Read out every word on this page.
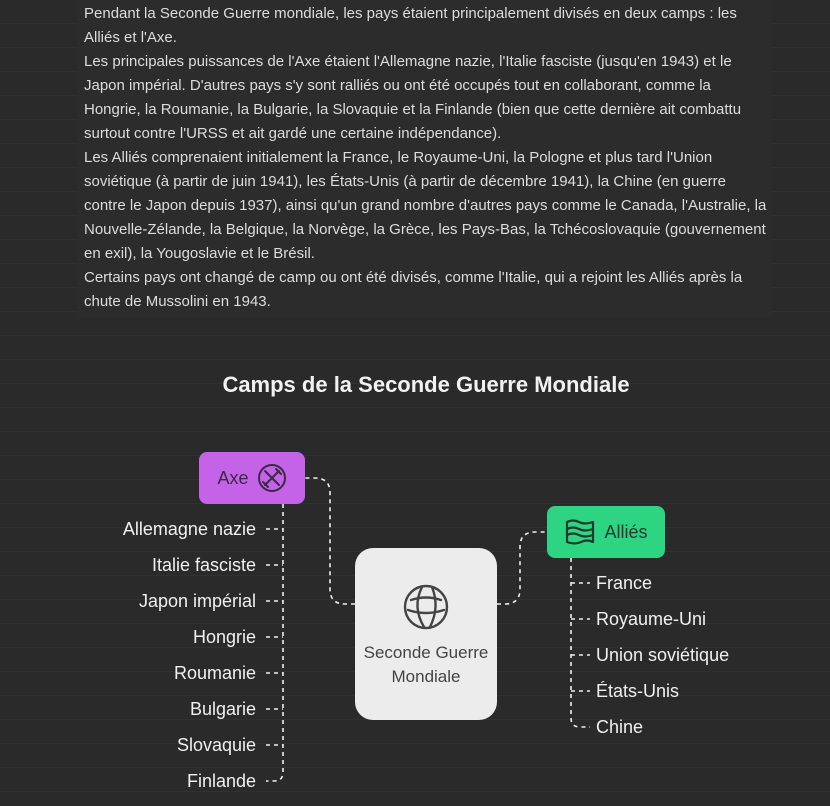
Pendant la Seconde Guerre mondiale, les pays étaient principalement divisés en deux camps : les Alliés et l'Axe.

Les principales puissances de l'Axe étaient l'Allemagne nazie, l'Italie fasciste (jusqu'en 1943) et le Japon impérial. D'autres pays s'y sont ralliés ou ont été occupés tout en collaborant, comme la Hongrie, la Roumanie, la Bulgarie, la Slovaquie et la Finlande (bien que cette dernière ait combattu surtout contre l'URSS et ait gardé une certaine indépendance).

Les Alliés comprenaient initialement la France, le Royaume-Uni, la Pologne et plus tard l'Union soviétique (à partir de juin 1941), les États-Unis (à partir de décembre 1941), la Chine (en guerre contre le Japon depuis 1937), ainsi qu'un grand nombre d'autres pays comme le Canada, l'Australie, la Nouvelle-Zélande, la Belgique, la Norvège, la Grèce, les Pays-Bas, la Tchécoslovaquie (gouvernement en exil), la Yougoslavie et le Brésil.

Certains pays ont changé de camp ou ont été divisés, comme l'Italie, qui a rejoint les Alliés après la chute de Mussolini en 1943.

Camps de la Seconde Guerre Mondiale
Seconde Guerre Mondiale
Axe
Alliés
Allemagne nazie
Italie fasciste
Japon impérial
Hongrie
Roumanie
Bulgarie
Slovaquie
Finlande
France
Royaume-Uni
Union soviétique
États-Unis
Chine
